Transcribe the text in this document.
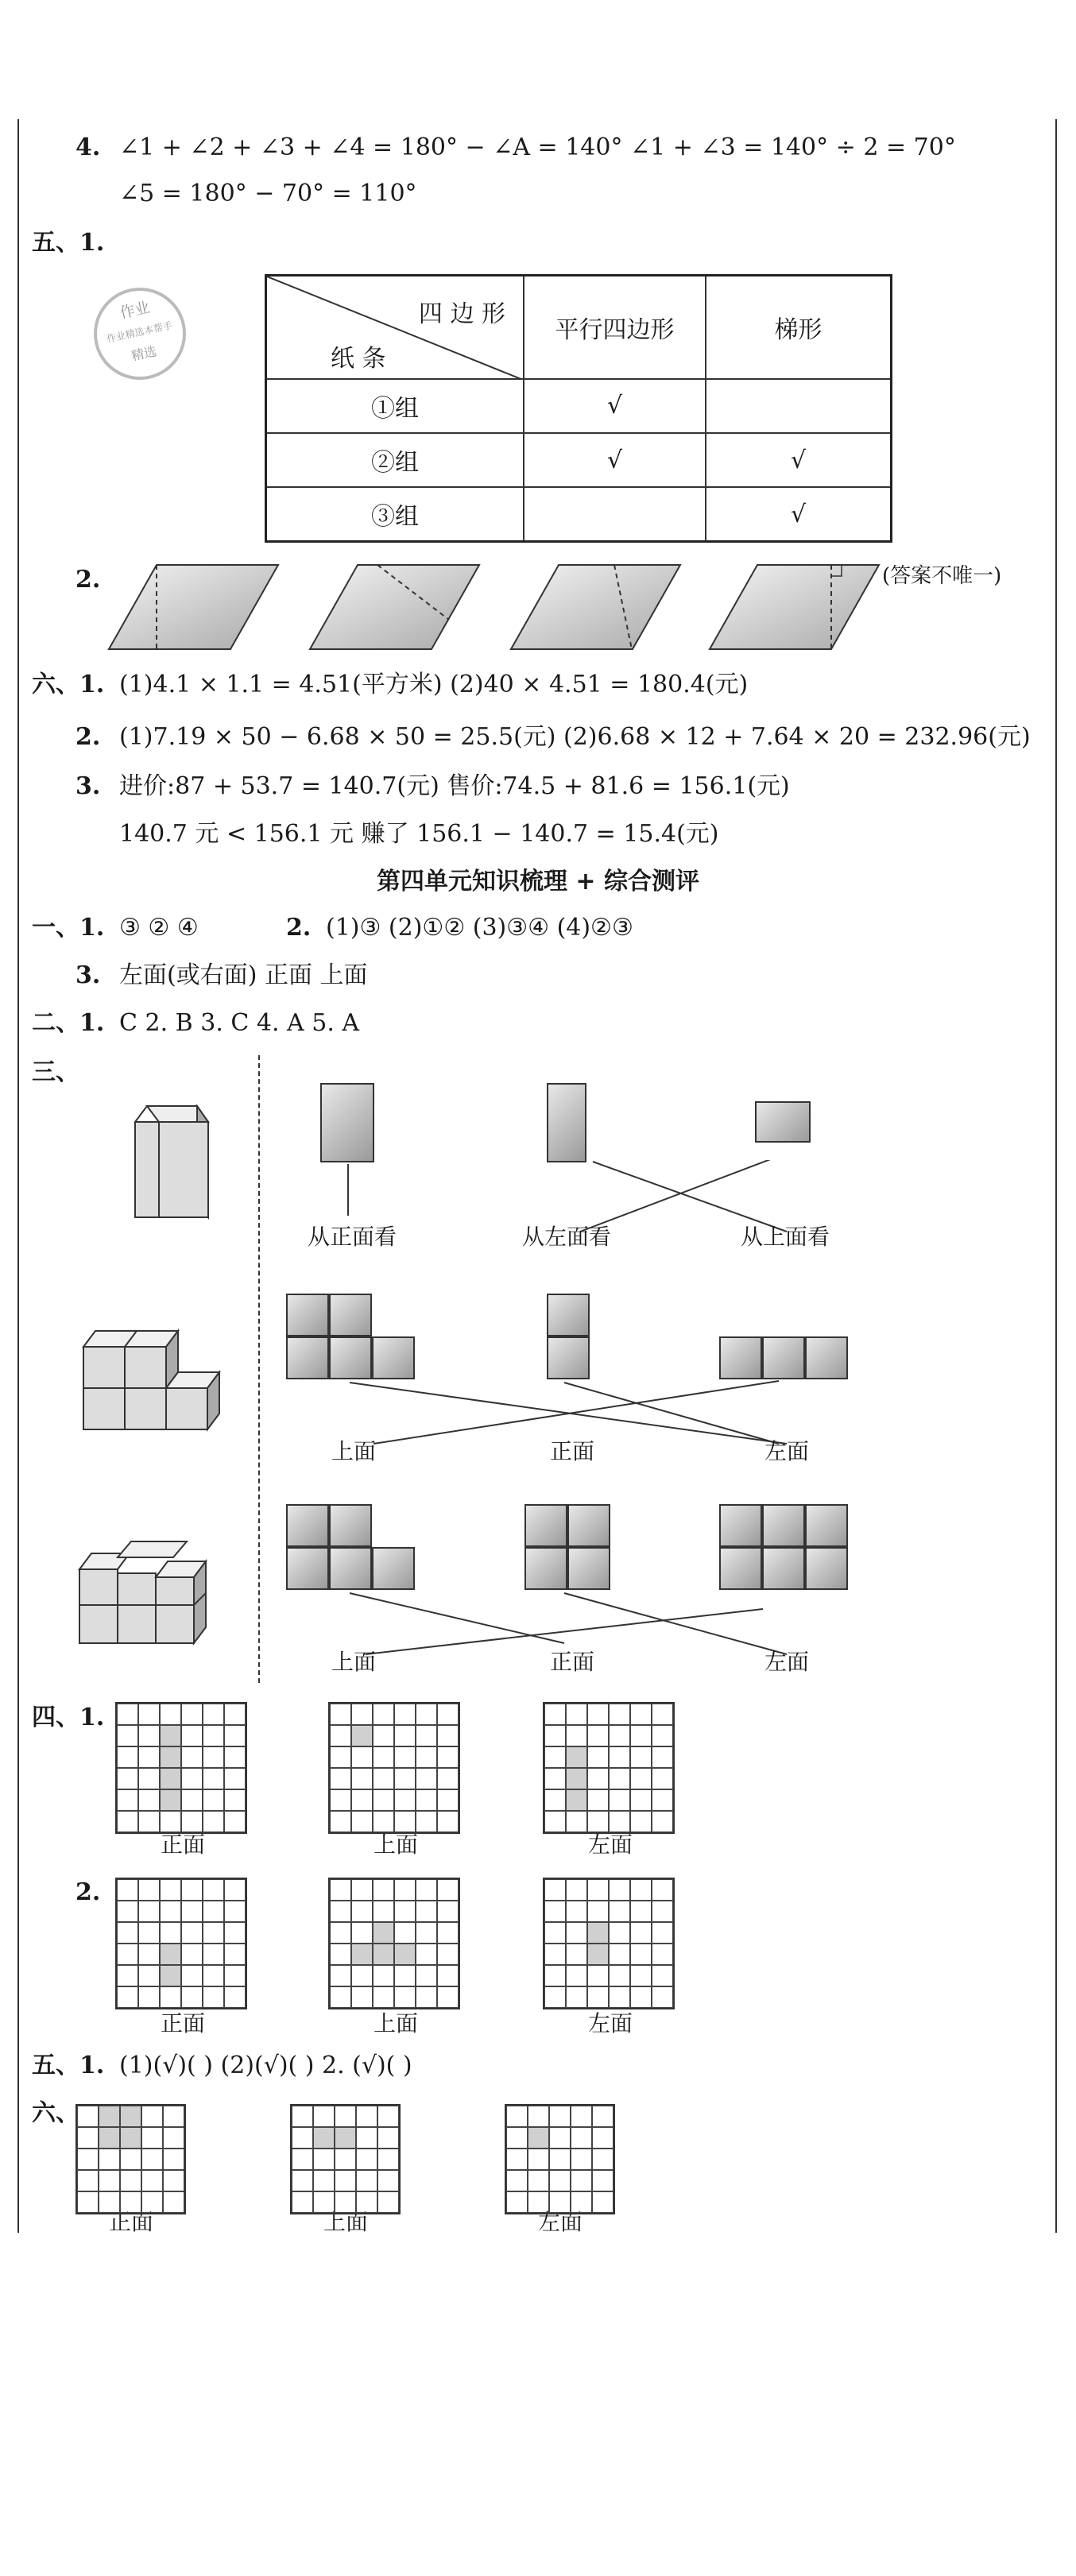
4. ∠1 + ∠2 + ∠3 + ∠4 = 180° − ∠A = 140° ∠1 + ∠3 = 140° ÷ 2 = 70°
∠5 = 180° − 70° = 110°
五、1.
作业
作业精选本帮手
精选
四 边 形
纸 条	平行四边形	梯形
①组	√	
②组	√	√
③组		√
2.	(答案不唯一)
六、1. (1)4.1 × 1.1 = 4.51(平方米) (2)40 × 4.51 = 180.4(元)
2. (1)7.19 × 50 − 6.68 × 50 = 25.5(元) (2)6.68 × 12 + 7.64 × 20 = 232.96(元)
3. 进价:87 + 53.7 = 140.7(元) 售价:74.5 + 81.6 = 156.1(元)
140.7 元 < 156.1 元 赚了 156.1 − 140.7 = 15.4(元)
第四单元知识梳理 + 综合测评
一、1. ③ ② ④	2. (1)③ (2)①② (3)③④ (4)②③
3. 左面(或右面) 正面 上面
二、1. C 2. B 3. C 4. A 5. A
三、
从正面看	从左面看	从上面看
上面	正面	左面
上面	正面	左面
四、1.
2.
正面	上面	左面
正面	上面	左面
五、1. (1)(√)( ) (2)(√)( ) 2. (√)( )
六、
正面	上面	左面
